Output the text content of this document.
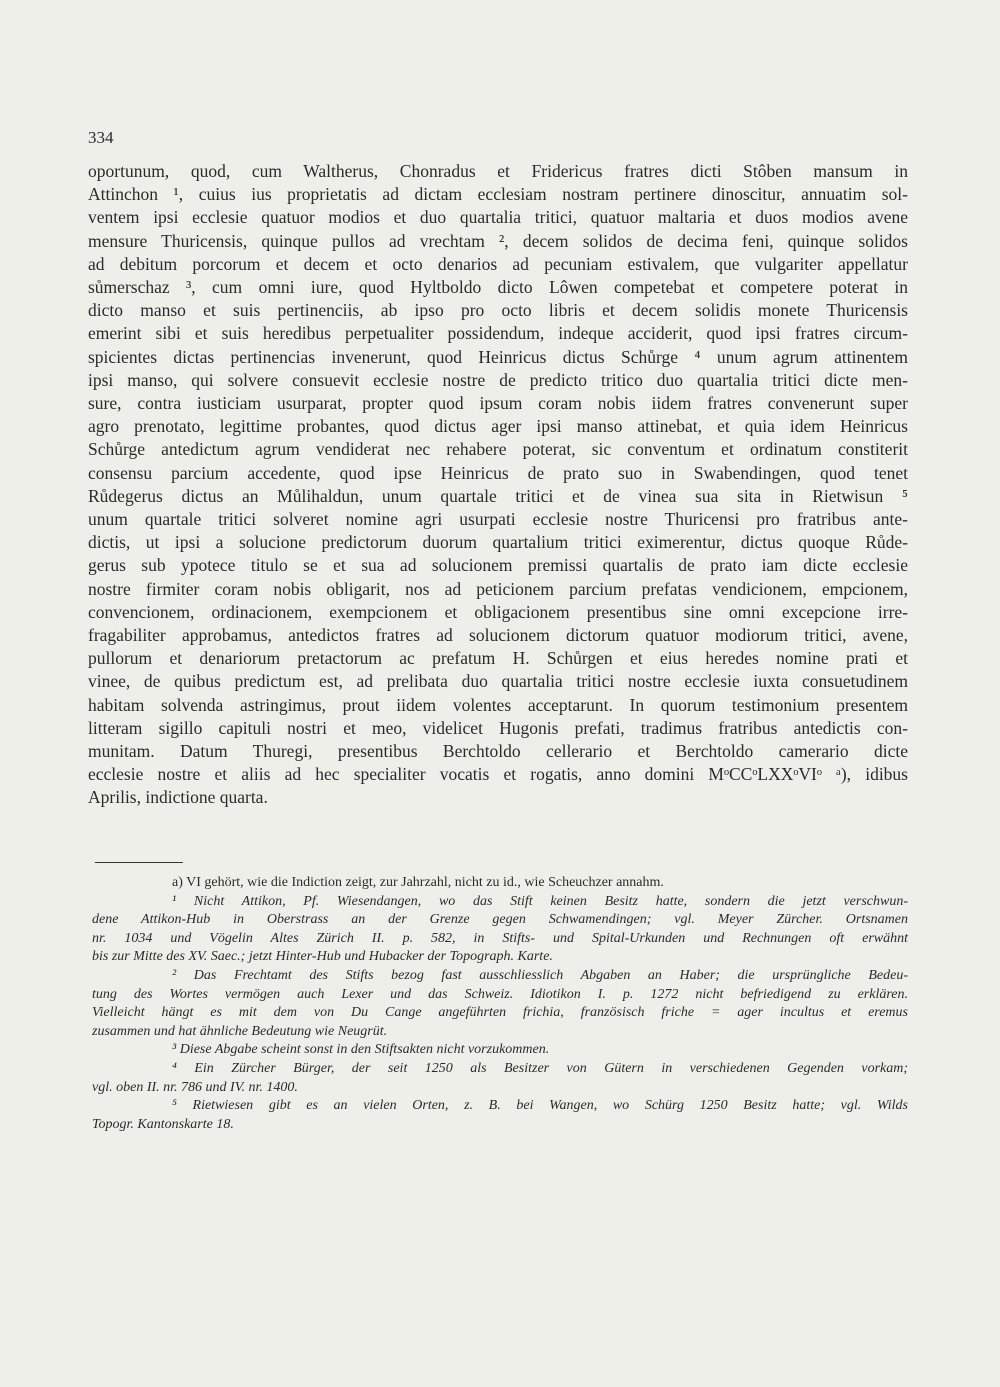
334
oportunum, quod, cum Waltherus, Chonradus et Fridericus fratres dicti Stôben mansum in
Attinchon ¹, cuius ius proprietatis ad dictam ecclesiam nostram pertinere dinoscitur, annuatim sol-
ventem ipsi ecclesie quatuor modios et duo quartalia tritici, quatuor maltaria et duos modios avene
mensure Thuricensis, quinque pullos ad vrechtam ², decem solidos de decima feni, quinque solidos
ad debitum porcorum et decem et octo denarios ad pecuniam estivalem, que vulgariter appellatur
sůmerschaz ³, cum omni iure, quod Hyltboldo dicto Lôwen competebat et competere poterat in
dicto manso et suis pertinenciis, ab ipso pro octo libris et decem solidis monete Thuricensis
emerint sibi et suis heredibus perpetualiter possidendum, indeque acciderit, quod ipsi fratres circum-
spicientes dictas pertinencias invenerunt, quod Heinricus dictus Schůrge ⁴ unum agrum attinentem
ipsi manso, qui solvere consuevit ecclesie nostre de predicto tritico duo quartalia tritici dicte men-
sure, contra iusticiam usurparat, propter quod ipsum coram nobis iidem fratres convenerunt super
agro prenotato, legittime probantes, quod dictus ager ipsi manso attinebat, et quia idem Heinricus
Schůrge antedictum agrum vendiderat nec rehabere poterat, sic conventum et ordinatum constiterit
consensu parcium accedente, quod ipse Heinricus de prato suo in Swabendingen, quod tenet
Růdegerus dictus an Můlihaldun, unum quartale tritici et de vinea sua sita in Rietwisun ⁵
unum quartale tritici solveret nomine agri usurpati ecclesie nostre Thuricensi pro fratribus ante-
dictis, ut ipsi a solucione predictorum duorum quartalium tritici eximerentur, dictus quoque Růde-
gerus sub ypotece titulo se et sua ad solucionem premissi quartalis de prato iam dicte ecclesie
nostre firmiter coram nobis obligarit, nos ad peticionem parcium prefatas vendicionem, empcionem,
convencionem, ordinacionem, exempcionem et obligacionem presentibus sine omni excepcione irre-
fragabiliter approbamus, antedictos fratres ad solucionem dictorum quatuor modiorum tritici, avene,
pullorum et denariorum pretactorum ac prefatum H. Schůrgen et eius heredes nomine prati et
vinee, de quibus predictum est, ad prelibata duo quartalia tritici nostre ecclesie iuxta consuetudinem
habitam solvenda astringimus, prout iidem volentes acceptarunt. In quorum testimonium presentem
litteram sigillo capituli nostri et meo, videlicet Hugonis prefati, tradimus fratribus antedictis con-
munitam. Datum Thuregi, presentibus Berchtoldo cellerario et Berchtoldo camerario dicte
ecclesie nostre et aliis ad hec specialiter vocatis et rogatis, anno domini MᵒCCᵒLXXᵒVIᵒ ᵃ), idibus
Aprilis, indictione quarta.
a) VI gehört, wie die Indiction zeigt, zur Jahrzahl, nicht zu id., wie Scheuchzer annahm.
¹ Nicht Attikon, Pf. Wiesendangen, wo das Stift keinen Besitz hatte, sondern die jetzt verschwun-
dene Attikon-Hub in Oberstrass an der Grenze gegen Schwamendingen; vgl. Meyer Zürcher. Ortsnamen
nr. 1034 und Vögelin Altes Zürich II. p. 582, in Stifts- und Spital-Urkunden und Rechnungen oft erwähnt
bis zur Mitte des XV. Saec.; jetzt Hinter-Hub und Hubacker der Topograph. Karte.
² Das Frechtamt des Stifts bezog fast ausschliesslich Abgaben an Haber; die ursprüngliche Bedeu-
tung des Wortes vermögen auch Lexer und das Schweiz. Idiotikon I. p. 1272 nicht befriedigend zu erklären.
Vielleicht hängt es mit dem von Du Cange angeführten frichia, französisch friche = ager incultus et eremus
zusammen und hat ähnliche Bedeutung wie Neugrüt.
³ Diese Abgabe scheint sonst in den Stiftsakten nicht vorzukommen.
⁴ Ein Zürcher Bürger, der seit 1250 als Besitzer von Gütern in verschiedenen Gegenden vorkam;
vgl. oben II. nr. 786 und IV. nr. 1400.
⁵ Rietwiesen gibt es an vielen Orten, z. B. bei Wangen, wo Schürg 1250 Besitz hatte; vgl. Wilds
Topogr. Kantonskarte 18.
